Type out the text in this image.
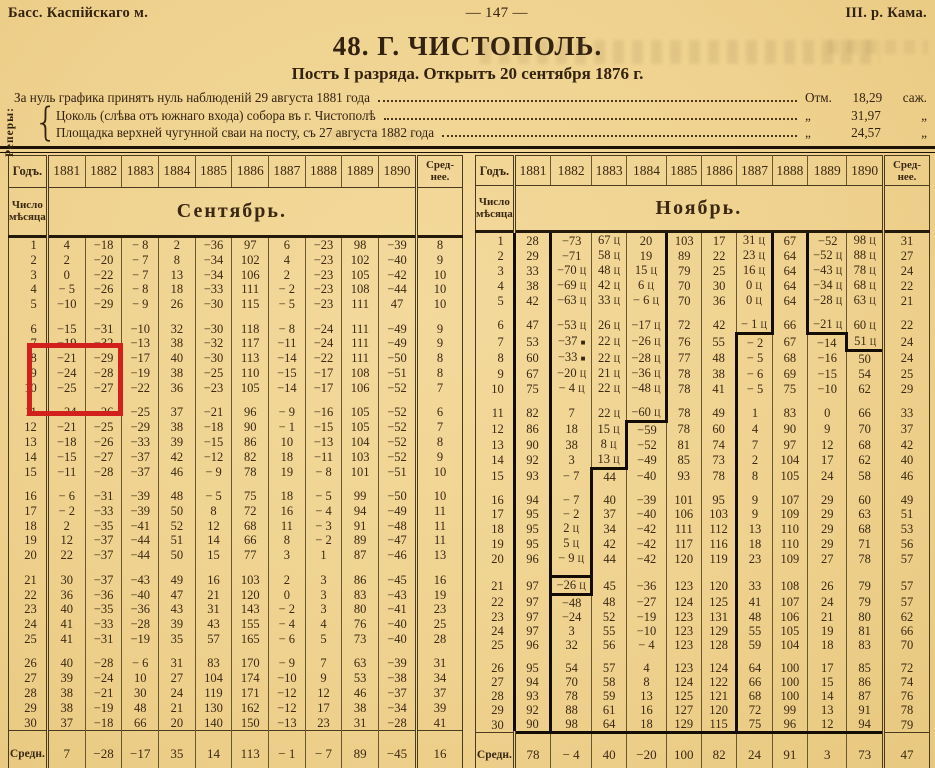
Басс. Каспійскаго м.	— 147 —	III. р. Кама.
48. Г. ЧИСТОПОЛЬ.
Постъ I разряда. Открытъ 20 сентября 1876 г.
За нуль графика принятъ нуль наблюденій 29 августа 1881 года	Отм. 18,29 саж.
Реперы: {
Цоколь (слѣва отъ южнаго входа) собора въ г. Чистополѣ	„	31,97	„
Площадка верхней чугунной сваи на посту, съ 27 августа 1882 года	„	24,57	„
Годъ.	1881	1882	1883	1884	1885	1886	1887	1888	1889	1890	Сред-
нее.
Число
мѣсяца	Сентябрь.										
1	4	−18	− 8	2	−36	97	6	−23	98	−39	8
2	2	−20	− 7	8	−34	102	4	−23	102	−40	9
3	0	−22	− 7	13	−34	106	2	−23	105	−42	10
4	− 5	−26	− 8	18	−33	111	− 2	−23	108	−44	10
5	−10	−29	− 9	26	−30	115	− 5	−23	111	47	10

6	−15	−31	−10	32	−30	118	− 8	−24	111	−49	9
7	−19	−32	−13	38	−32	117	−11	−24	111	−49	9
8	−21	−29	−17	40	−30	113	−14	−22	111	−50	8
9	−24	−28	−19	38	−25	110	−15	−17	108	−51	8
10	−25	−27	−22	36	−23	105	−14	−17	106	−52	7

11	−24	−26	−25	37	−21	96	− 9	−16	105	−52	6
12	−21	−25	−29	38	−18	90	− 1	−15	105	−52	7
13	−18	−26	−33	39	−15	86	10	−13	104	−52	8
14	−15	−27	−37	42	−12	82	18	−11	103	−52	9
15	−11	−28	−37	46	− 9	78	19	− 8	101	−51	10

16	− 6	−31	−39	48	− 5	75	18	− 5	99	−50	10
17	− 2	−33	−39	50	8	72	16	− 4	94	−49	11
18	2	−35	−41	52	12	68	11	− 3	91	−48	11
19	12	−37	−44	51	14	66	8	− 2	89	−47	11
20	22	−37	−44	50	15	77	3	1	87	−46	13

21	30	−37	−43	49	16	103	2	3	86	−45	16
22	36	−36	−40	47	21	120	0	3	83	−43	19
23	40	−35	−36	43	31	143	− 2	3	80	−41	23
24	41	−33	−28	39	43	155	− 4	4	76	−40	25
25	41	−31	−19	35	57	165	− 6	5	73	−40	28

26	40	−28	− 6	31	83	170	− 9	7	63	−39	31
27	39	−24	10	27	104	174	−10	9	53	−38	34
28	38	−21	30	24	119	171	−12	12	46	−37	37
29	38	−19	48	21	130	162	−12	17	38	−34	39
30	37	−18	66	20	140	150	−13	23	31	−28	41
Средн.	7	−28	−17	35	14	113	− 1	− 7	89	−45	16
Годъ.	1881	1882	1883	1884	1885	1886	1887	1888	1889	1890	Сред-
нее.
Число
мѣсяца	Ноябрь.										
1	28	−73	67 Ц	20	103	17	31 Ц	67	−52	98 Ц	31
2	29	−71	58 Ц	19	89	22	23 Ц	64	−52 Ц	88 Ц	27
3	33	−70 Ц	48 Ц	15 Ц	79	25	16 Ц	64	−43 Ц	78 Ц	24
4	38	−69 Ц	42 Ц	6 Ц	70	30	0 Ц	64	−34 Ц	68 Ц	22
5	42	−63 Ц	33 Ц	− 6 Ц	70	36	0 Ц	64	−28 Ц	63 Ц	21

6	47	−53 Ц	26 Ц	−17 Ц	72	42	− 1 Ц	66	−21 Ц	60 Ц	22
7	53	−37 ■	22 Ц	−26 Ц	76	55	− 2	67	−14	51 Ц	24
8	60	−33 ■	22 Ц	−28 Ц	77	48	− 5	68	−16	50	24
9	67	−20 Ц	21 Ц	−36 Ц	78	38	− 6	69	−15	54	25
10	75	− 4 Ц	22 Ц	−48 Ц	78	41	− 5	75	−10	62	29

11	82	7	22 Ц	−60 Ц	78	49	1	83	0	66	33
12	86	18	15 Ц	−59	78	60	4	90	9	70	37
13	90	38	8 Ц	−52	81	74	7	97	12	68	42
14	92	3	13 Ц	−49	85	73	2	104	17	62	40
15	93	− 7	44	−40	93	78	8	105	24	58	46

16	94	− 7	40	−39	101	95	9	107	29	60	49
17	95	− 2	37	−40	106	103	9	109	29	63	51
18	95	2 Ц	34	−42	111	112	13	110	29	68	53
19	95	5 Ц	42	−42	117	116	18	110	29	71	56
20	96	− 9 Ц	44	−42	120	119	23	109	27	78	57

21	97	−26 Ц	45	−36	123	120	33	108	26	79	57
22	97	−48	48	−27	124	125	41	107	24	79	57
23	97	−24	52	−19	123	131	48	106	21	80	62
24	97	3	55	−10	123	129	55	105	19	81	66
25	96	32	56	− 4	123	128	59	104	18	83	70

26	95	54	57	4	123	124	64	100	17	85	72
27	94	70	58	8	124	122	66	100	15	86	74
28	93	78	59	13	125	121	68	100	14	87	76
29	92	88	61	16	127	120	72	99	13	91	78
30	90	98	64	18	129	115	75	96	12	94	79
Средн.	78	− 4	40	−20	100	82	24	91	3	73	47
